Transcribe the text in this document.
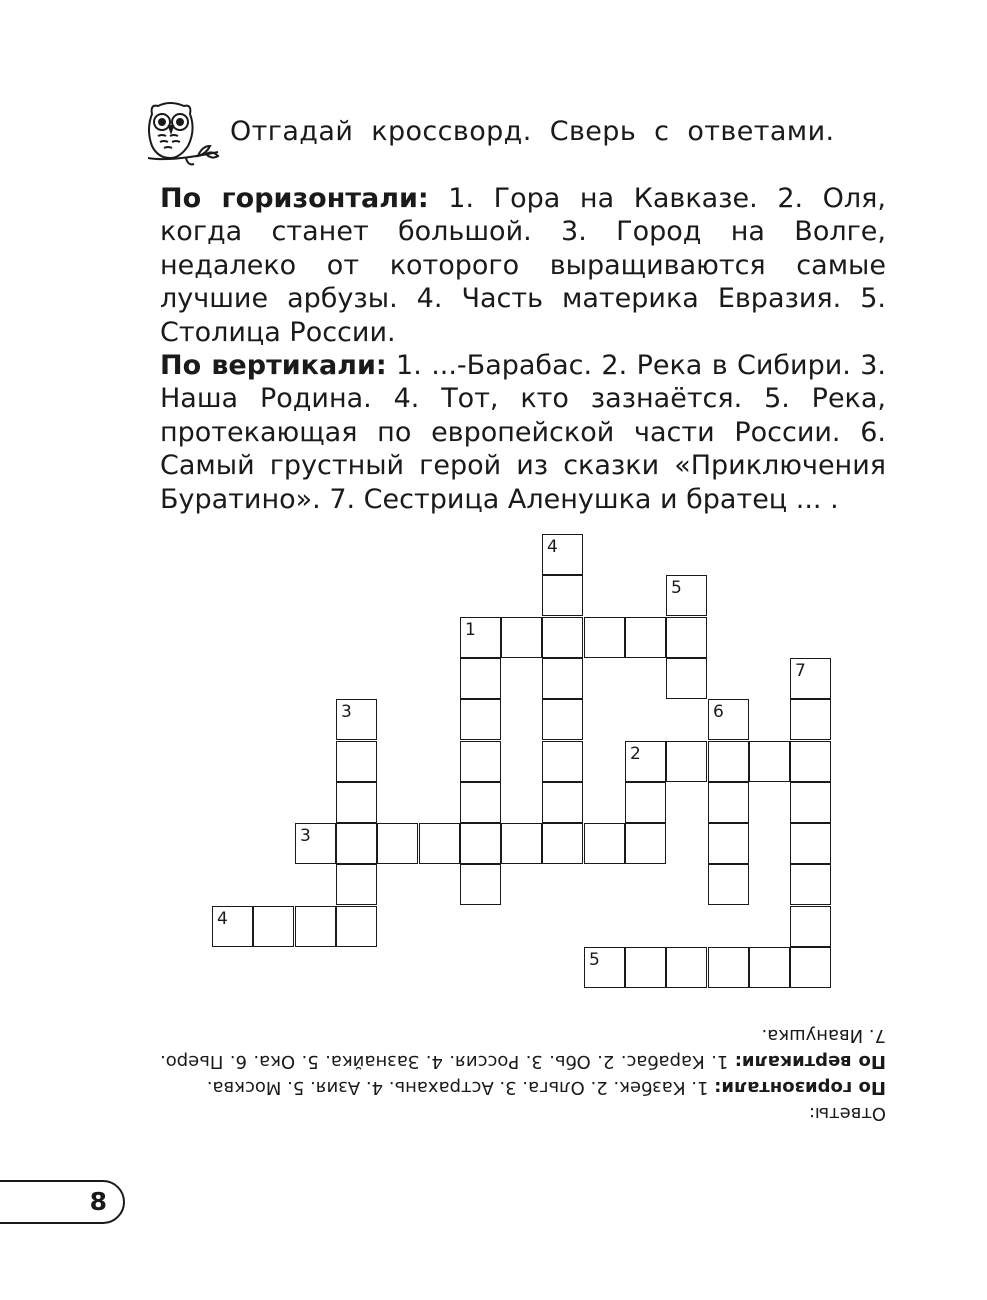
Отгадай кроссворд. Сверь с ответами.
По горизонтали: 1. Гора на Кавказе. 2. Оля, когда станет большой. 3. Город на Волге, недалеко от которого выращиваются самые лучшие арбузы. 4. Часть материка Евразия. 5. Столица России.
По вертикали: 1. ...-Барабас. 2. Река в Сибири. 3. Наша Родина. 4. Тот, кто зазнаётся. 5. Река, протекающая по европейской части России. 6. Самый грустный герой из сказки «Приключения Буратино». 7. Сестрица Аленушка и братец ... .
1
2
3
4
5
6
7
3
4
5
Ответы:
По горизонтали: 1. Казбек. 2. Ольга. 3. Астрахань. 4. Азия. 5. Москва.
По вертикали: 1. Карабас. 2. Обь. 3. Россия. 4. Зазнайка. 5. Ока. 6. Пьеро. 7. Иванушка.
8
